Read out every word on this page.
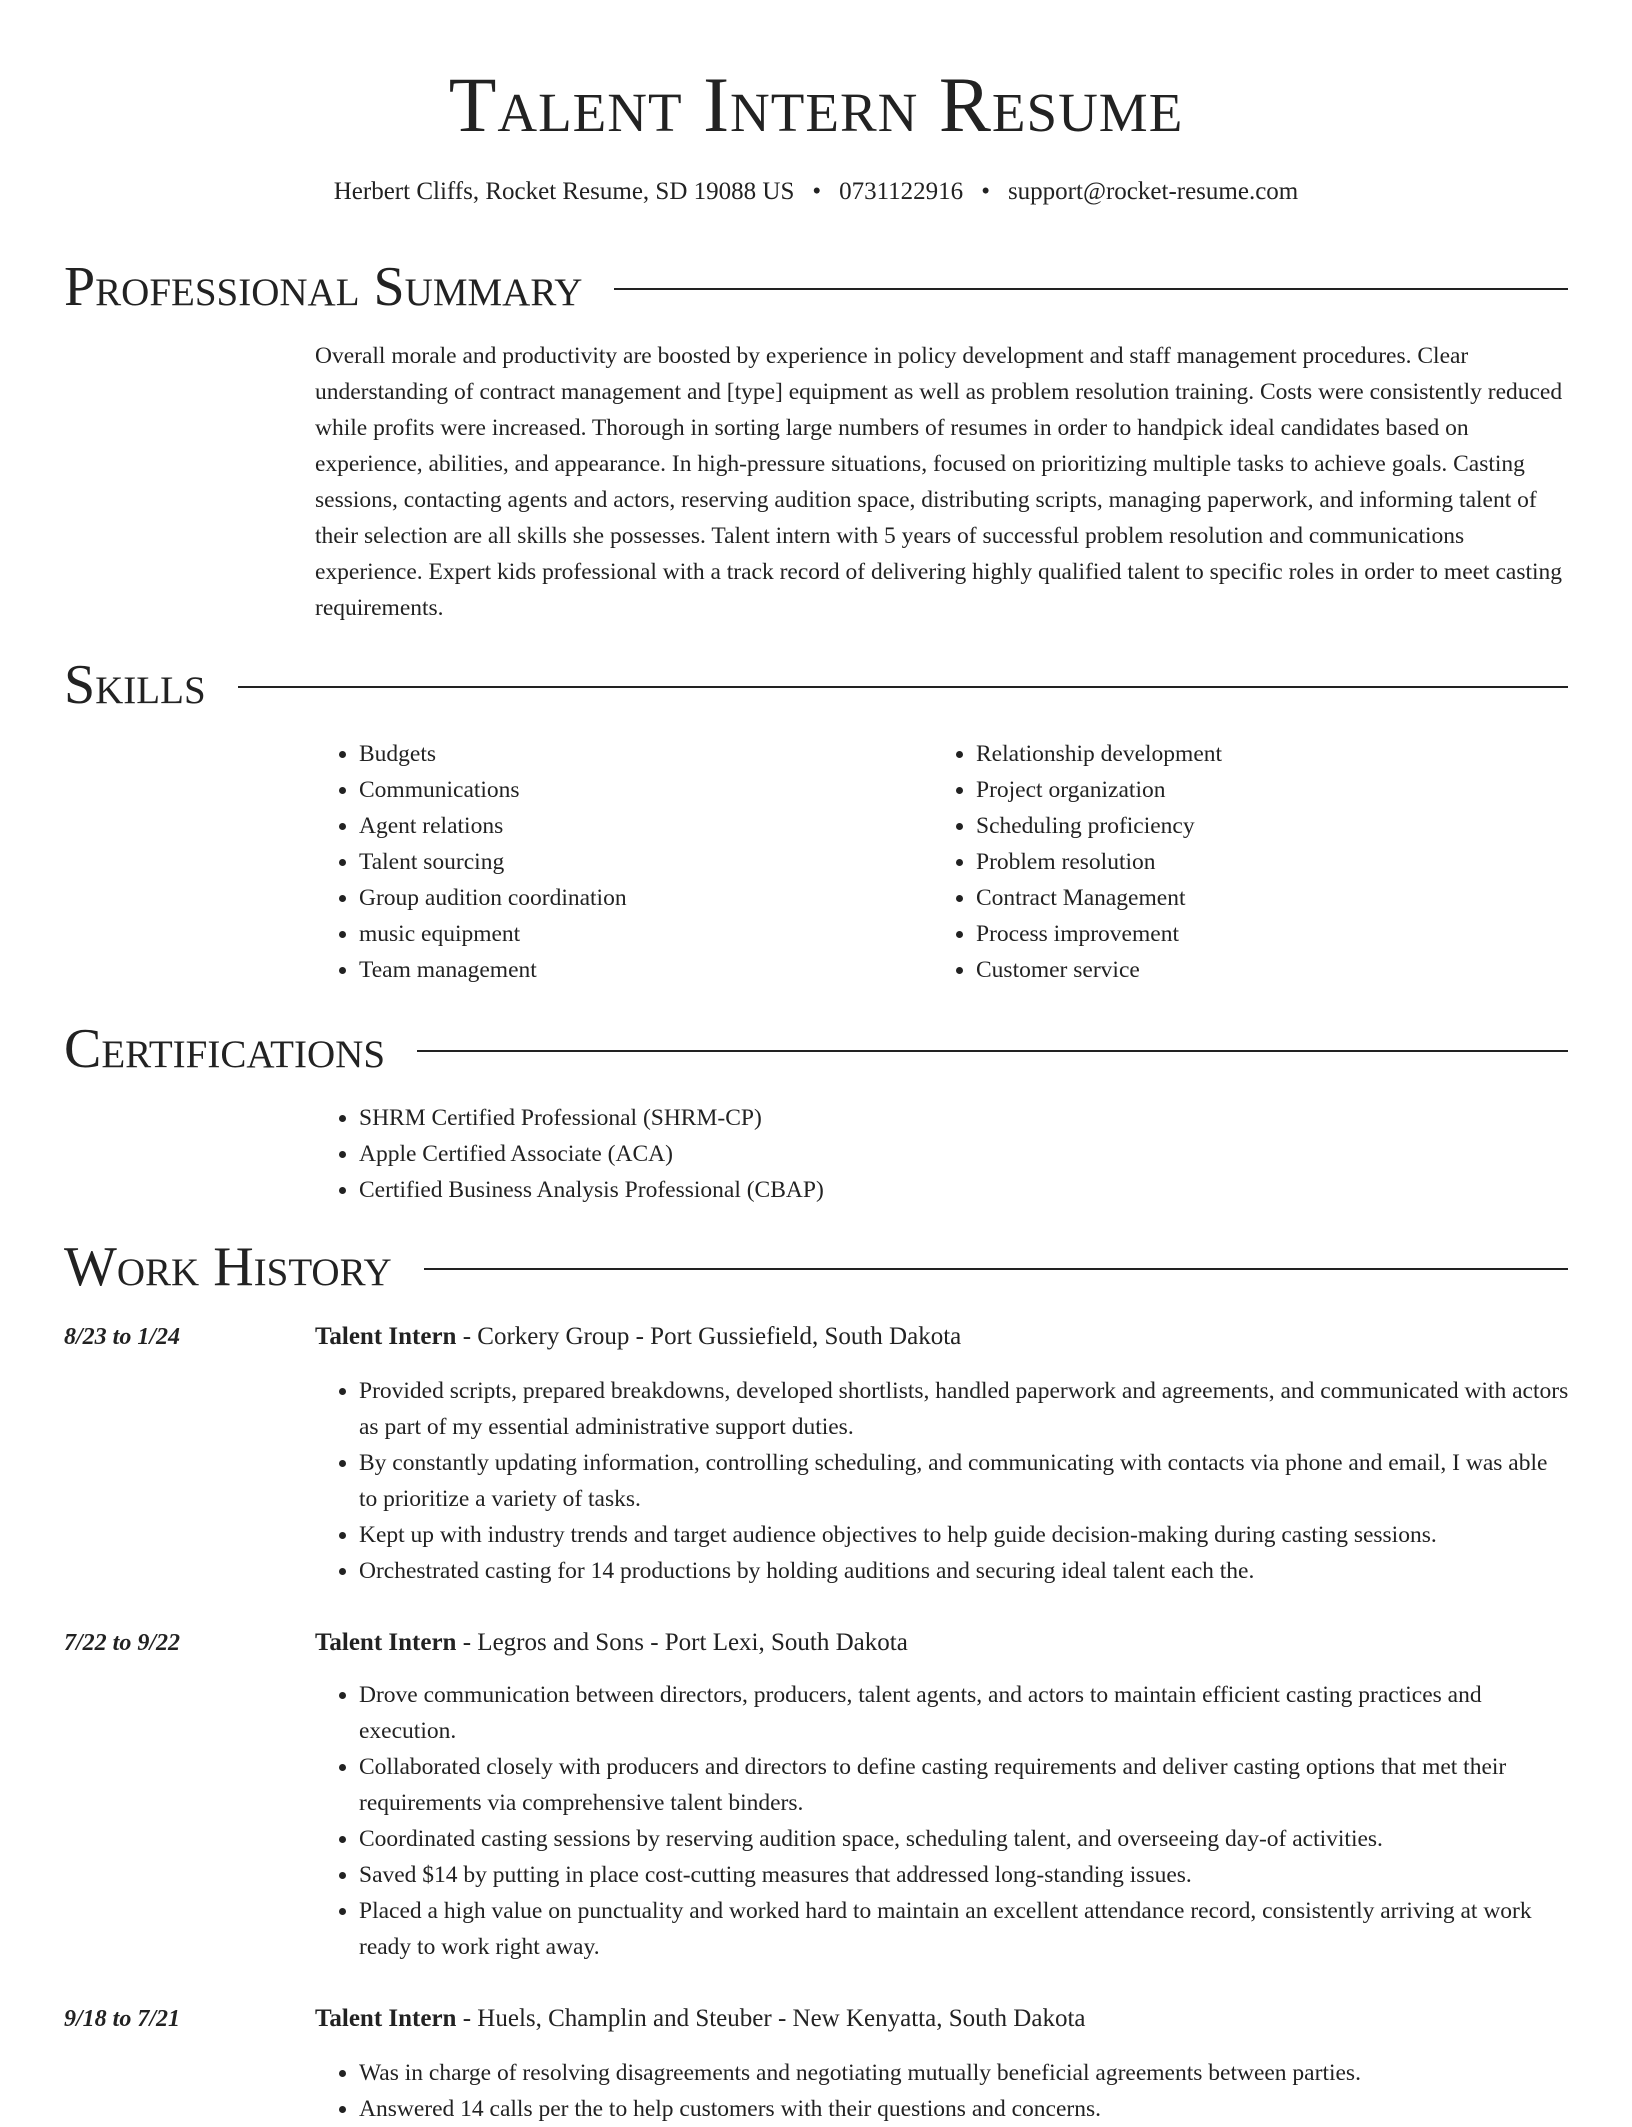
Talent Intern Resume
Herbert Cliffs, Rocket Resume, SD 19088 US • 0731122916 • support@rocket-resume.com
Professional Summary

Overall morale and productivity are boosted by experience in policy development and staff management procedures. Clear understanding of contract management and [type] equipment as well as problem resolution training. Costs were consistently reduced while profits were increased. Thorough in sorting large numbers of resumes in order to handpick ideal candidates based on experience, abilities, and appearance. In high-pressure situations, focused on prioritizing multiple tasks to achieve goals. Casting sessions, contacting agents and actors, reserving audition space, distributing scripts, managing paperwork, and informing talent of their selection are all skills she possesses. Talent intern with 5 years of successful problem resolution and communications experience. Expert kids professional with a track record of delivering highly qualified talent to specific roles in order to meet casting requirements.

Skills
• Budgets
• Communications
• Agent relations
• Talent sourcing
• Group audition coordination
• music equipment
• Team management
• Relationship development
• Project organization
• Scheduling proficiency
• Problem resolution
• Contract Management
• Process improvement
• Customer service
Certifications
• SHRM Certified Professional (SHRM-CP)
• Apple Certified Associate (ACA)
• Certified Business Analysis Professional (CBAP)
Work History
8/23 to 1/24	Talent Intern - Corkery Group - Port Gussiefield, South Dakota
• Provided scripts, prepared breakdowns, developed shortlists, handled paperwork and agreements, and communicated with actors as part of my essential administrative support duties.
• By constantly updating information, controlling scheduling, and communicating with contacts via phone and email, I was able to prioritize a variety of tasks.
• Kept up with industry trends and target audience objectives to help guide decision-making during casting sessions.
• Orchestrated casting for 14 productions by holding auditions and securing ideal talent each the.
7/22 to 9/22	Talent Intern - Legros and Sons - Port Lexi, South Dakota
• Drove communication between directors, producers, talent agents, and actors to maintain efficient casting practices and execution.
• Collaborated closely with producers and directors to define casting requirements and deliver casting options that met their requirements via comprehensive talent binders.
• Coordinated casting sessions by reserving audition space, scheduling talent, and overseeing day-of activities.
• Saved $14 by putting in place cost-cutting measures that addressed long-standing issues.
• Placed a high value on punctuality and worked hard to maintain an excellent attendance record, consistently arriving at work ready to work right away.
9/18 to 7/21	Talent Intern - Huels, Champlin and Steuber - New Kenyatta, South Dakota
• Was in charge of resolving disagreements and negotiating mutually beneficial agreements between parties.
• Answered 14 calls per the to help customers with their questions and concerns.
